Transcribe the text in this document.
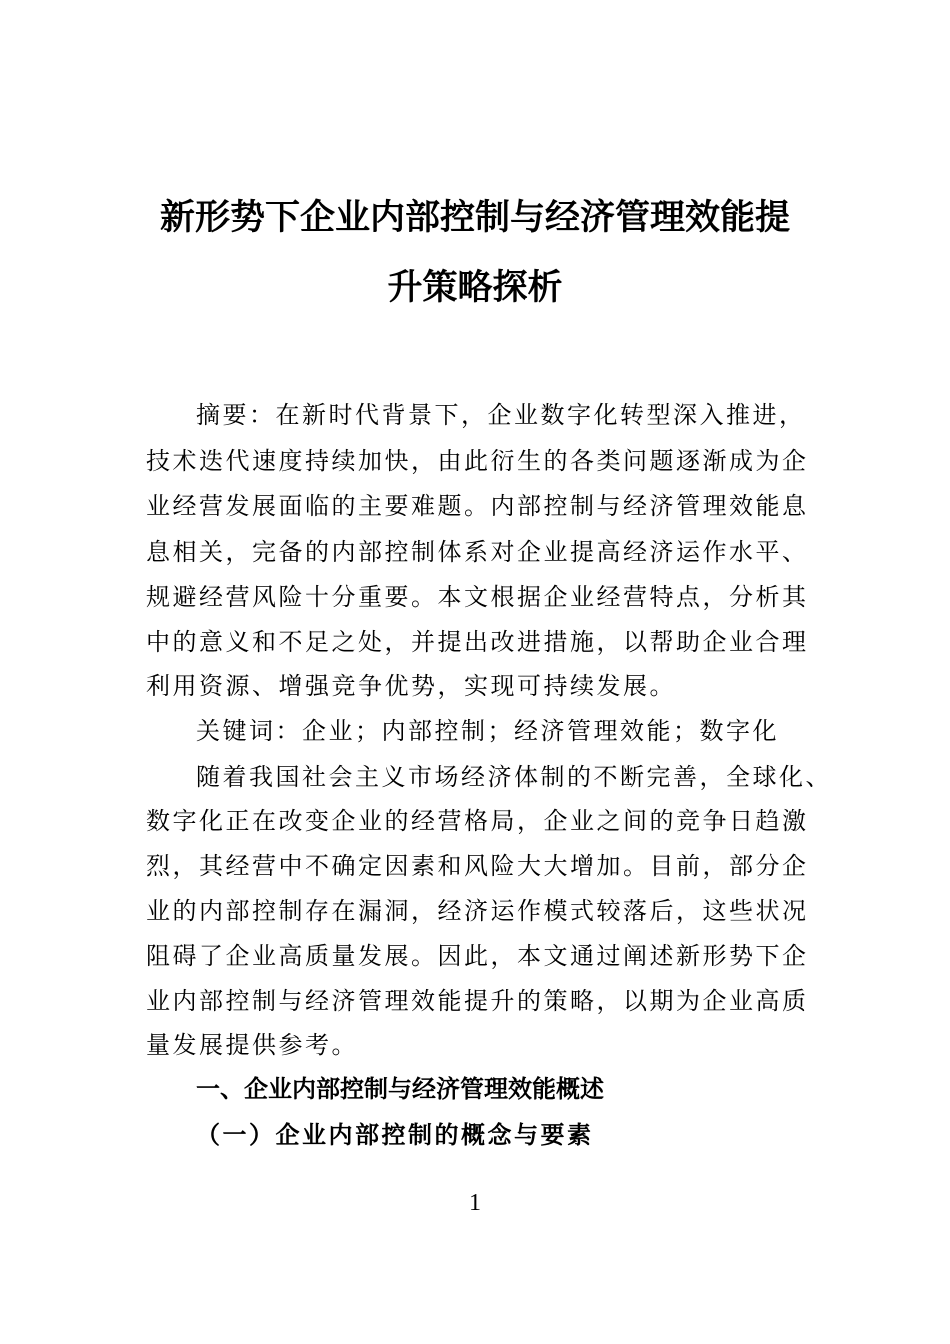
新形势下企业内部控制与经济管理效能提
升策略探析

摘要：在新时代背景下，企业数字化转型深入推进，

技术迭代速度持续加快，由此衍生的各类问题逐渐成为企

业经营发展面临的主要难题。内部控制与经济管理效能息

息相关，完备的内部控制体系对企业提高经济运作水平、

规避经营风险十分重要。本文根据企业经营特点，分析其

中的意义和不足之处，并提出改进措施，以帮助企业合理

利用资源、增强竞争优势，实现可持续发展。

关键词：企业；内部控制；经济管理效能；数字化

随着我国社会主义市场经济体制的不断完善，全球化、

数字化正在改变企业的经营格局，企业之间的竞争日趋激

烈，其经营中不确定因素和风险大大增加。目前，部分企

业的内部控制存在漏洞，经济运作模式较落后，这些状况

阻碍了企业高质量发展。因此，本文通过阐述新形势下企

业内部控制与经济管理效能提升的策略，以期为企业高质

量发展提供参考。

一、企业内部控制与经济管理效能概述
（一）企业内部控制的概念与要素

1
